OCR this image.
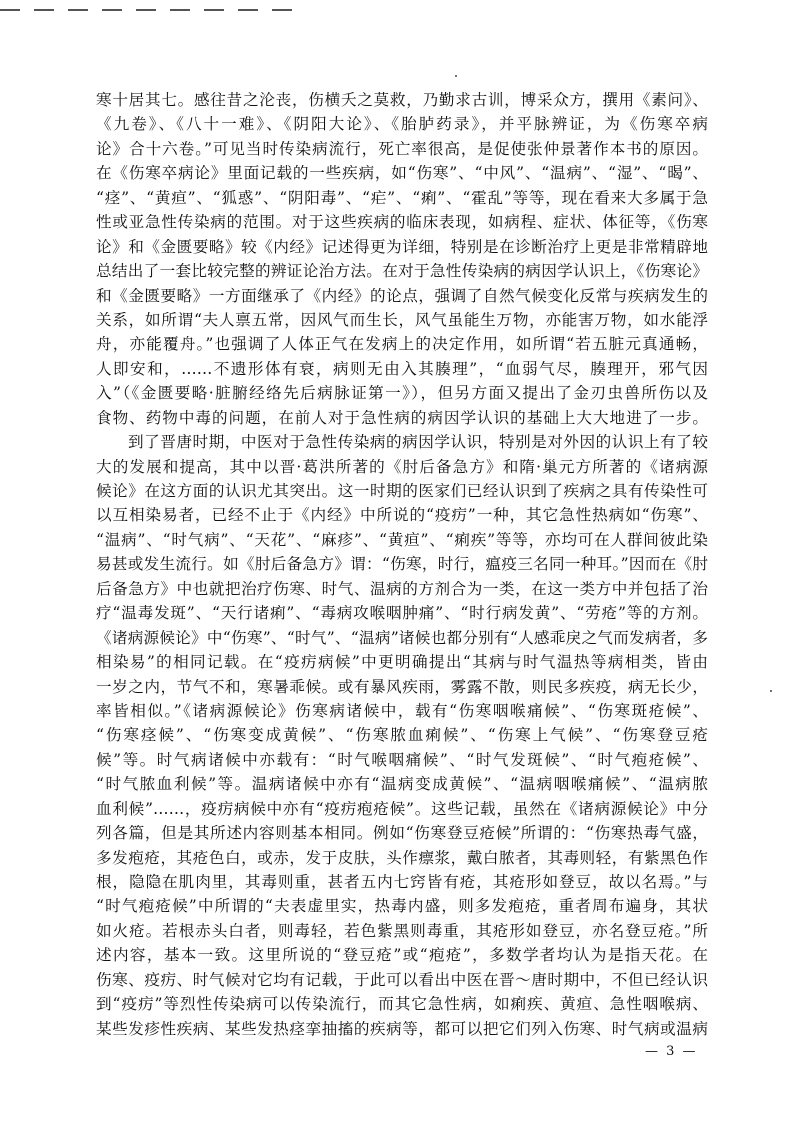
寒十居其七。感往昔之沦丧，伤横夭之莫救，乃勤求古训，博采众方，撰用《素问》、
《九卷》、《八十一难》、《阴阳大论》、《胎胪药录》，并平脉辨证，为《伤寒卒病
论》合十六卷。”可见当时传染病流行，死亡率很高，是促使张仲景著作本书的原因。
在《伤寒卒病论》里面记载的一些疾病，如“伤寒”、“中风”、“温病”、“湿”、“暍”、
“痉”、“黄疸”、“狐惑”、“阴阳毒”、“疟”、“痢”、“霍乱”等等，现在看来大多属于急
性或亚急性传染病的范围。对于这些疾病的临床表现，如病程、症状、体征等，《伤寒
论》和《金匮要略》较《内经》记述得更为详细，特别是在诊断治疗上更是非常精辟地
总结出了一套比较完整的辨证论治方法。在对于急性传染病的病因学认识上，《伤寒论》
和《金匮要略》一方面继承了《内经》的论点，强调了自然气候变化反常与疾病发生的
关系，如所谓“夫人禀五常，因风气而生长，风气虽能生万物，亦能害万物，如水能浮
舟，亦能覆舟。”也强调了人体正气在发病上的决定作用，如所谓“若五脏元真通畅，
人即安和，……不遗形体有衰，病则无由入其腠理”，“血弱气尽，腠理开，邪气因
入”（《金匮要略·脏腑经络先后病脉证第一》），但另方面又提出了金刃虫兽所伤以及
食物、药物中毒的问题，在前人对于急性病的病因学认识的基础上大大地进了一步。
到了晋唐时期，中医对于急性传染病的病因学认识，特别是对外因的认识上有了较
大的发展和提高，其中以晋·葛洪所著的《肘后备急方》和隋·巢元方所著的《诸病源
候论》在这方面的认识尤其突出。这一时期的医家们已经认识到了疾病之具有传染性可
以互相染易者，已经不止于《内经》中所说的“疫疠”一种，其它急性热病如“伤寒”、
“温病”、“时气病”、“天花”、“麻疹”、“黄疸”、“痢疾”等等，亦均可在人群间彼此染
易甚或发生流行。如《肘后备急方》谓：“伤寒，时行，瘟疫三名同一种耳。”因而在《肘
后备急方》中也就把治疗伤寒、时气、温病的方剂合为一类，在这一类方中并包括了治
疗“温毒发斑”、“天行诸痢”、“毒病攻喉咽肿痛”、“时行病发黄”、“劳疮”等的方剂。
《诸病源候论》中“伤寒”、“时气”、“温病”诸候也都分别有“人感乖戾之气而发病者，多
相染易”的相同记载。在“疫疠病候”中更明确提出“其病与时气温热等病相类，皆由
一岁之内，节气不和，寒暑乖候。或有暴风疾雨，雾露不散，则民多疾疫，病无长少，
率皆相似。”《诸病源候论》伤寒病诸候中，载有“伤寒咽喉痛候”、“伤寒斑疮候”、
“伤寒痉候”、“伤寒变成黄候”、“伤寒脓血痢候”、“伤寒上气候”、“伤寒登豆疮
候”等。时气病诸候中亦载有：“时气喉咽痛候”、“时气发斑候”、“时气疱疮候”、
“时气脓血利候”等。温病诸候中亦有“温病变成黄候”、“温病咽喉痛候”、“温病脓
血利候”……，疫疠病候中亦有“疫疠疱疮候”。这些记载，虽然在《诸病源候论》中分
列各篇，但是其所述内容则基本相同。例如“伤寒登豆疮候”所谓的：“伤寒热毒气盛，
多发疱疮，其疮色白，或赤，发于皮肤，头作瘭浆，戴白脓者，其毒则轻，有紫黑色作
根，隐隐在肌肉里，其毒则重，甚者五内七窍皆有疮，其疮形如登豆，故以名焉。”与
“时气疱疮候”中所谓的“夫表虚里实，热毒内盛，则多发疱疮，重者周布遍身，其状
如火疮。若根赤头白者，则毒轻，若色紫黑则毒重，其疮形如登豆，亦名登豆疮。”所
述内容，基本一致。这里所说的“登豆疮”或“疱疮”，多数学者均认为是指天花。在
伤寒、疫疠、时气候对它均有记载，于此可以看出中医在晋～唐时期中，不但已经认识
到“疫疠”等烈性传染病可以传染流行，而其它急性病，如痢疾、黄疸、急性咽喉病、
某些发疹性疾病、某些发热痉挛抽搐的疾病等，都可以把它们列入伤寒、时气病或温病
— 3 —
